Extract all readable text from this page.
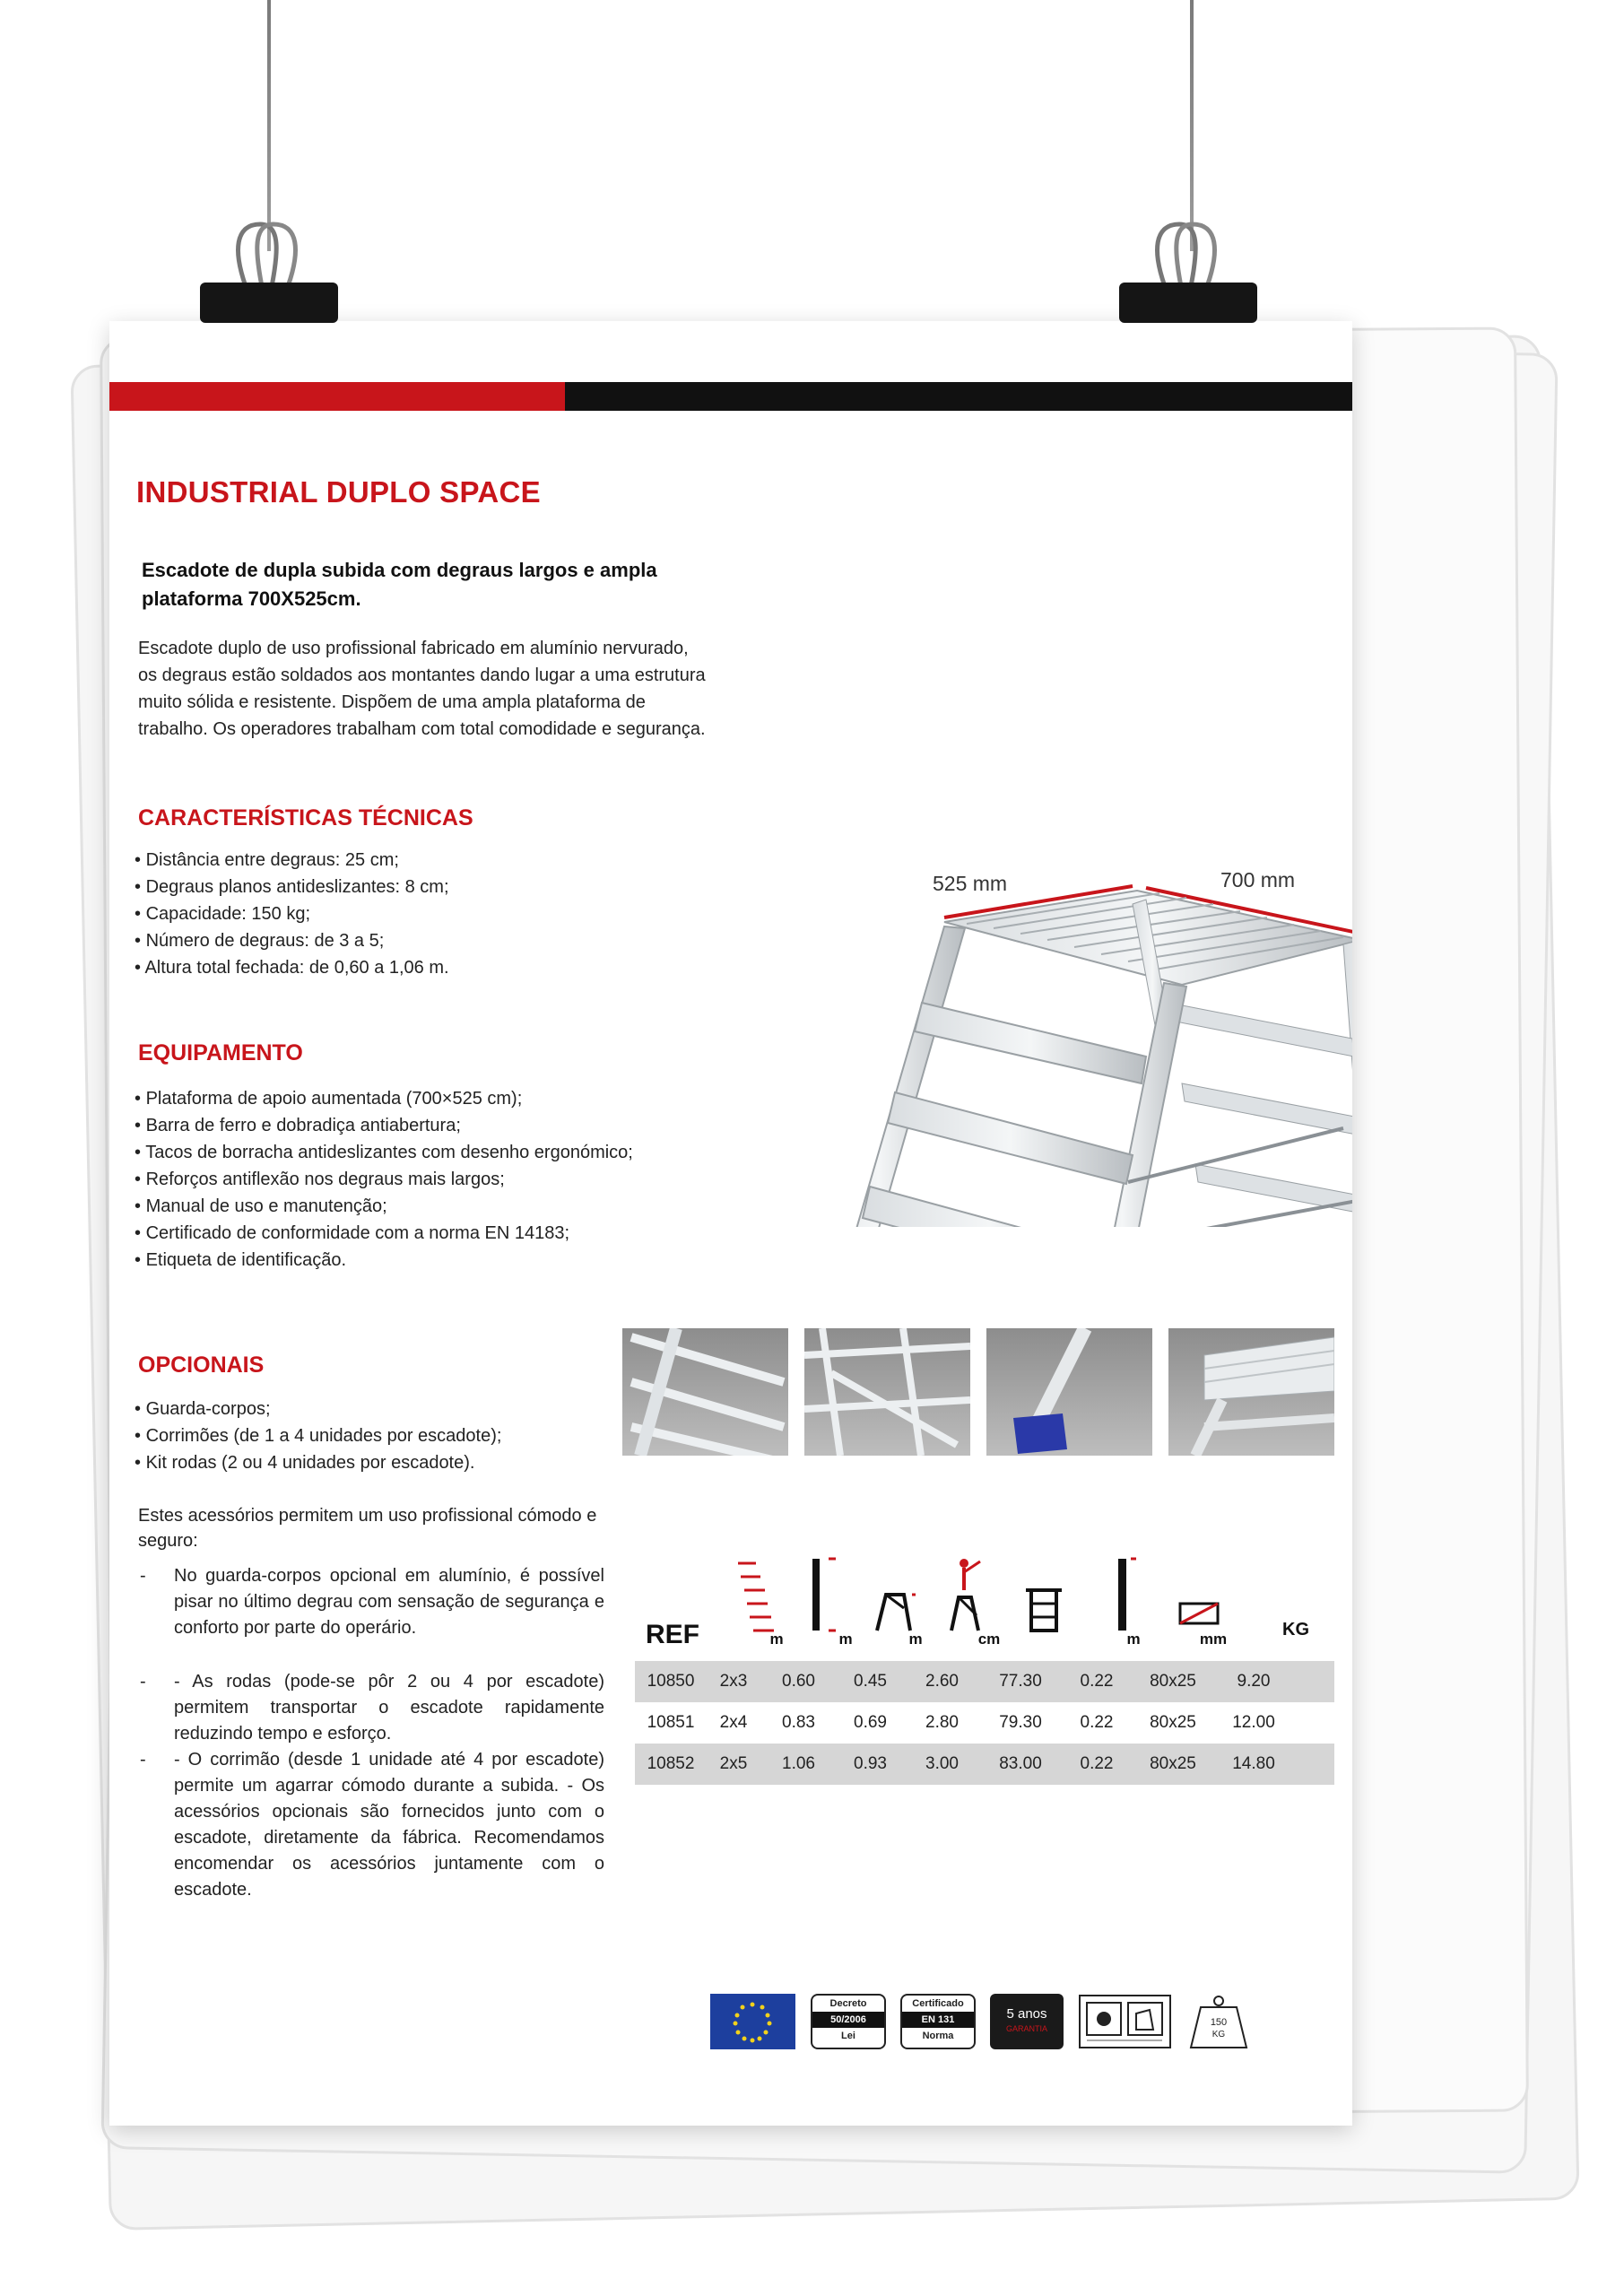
INDUSTRIAL DUPLO SPACE

Escadote de dupla subida com degraus largos e ampla plataforma 700X525cm.

Escadote duplo de uso profissional fabricado em alumínio nervurado, os degraus estão soldados aos montantes dando lugar a uma estrutura muito sólida e resistente. Dispõem de uma ampla plataforma de trabalho. Os operadores trabalham com total comodidade e segurança.

CARACTERÍSTICAS TÉCNICAS
• Distância entre degraus: 25 cm;
• Degraus planos antideslizantes: 8 cm;
• Capacidade: 150 kg;
• Número de degraus: de 3 a 5;
• Altura total fechada: de 0,60 a 1,06 m.
EQUIPAMENTO
• Plataforma de apoio aumentada (700×525 cm);
• Barra de ferro e dobradiça antiabertura;
• Tacos de borracha antideslizantes com desenho ergonómico;
• Reforços antiflexão nos degraus mais largos;
• Manual de uso e manutenção;
• Certificado de conformidade com a norma EN 14183;
• Etiqueta de identificação.
OPCIONAIS
• Guarda-corpos;
• Corrimões (de 1 a 4 unidades por escadote);
• Kit rodas (2 ou 4 unidades por escadote).

Estes acessórios permitem um uso profissional cómodo e seguro:

- No guarda-corpos opcional em alumínio, é possível pisar no último degrau com sensação de segurança e conforto por parte do operário.
- - As rodas (pode-se pôr 2 ou 4 por escadote) permitem transportar o escadote rapidamente reduzindo tempo e esforço.
- - O corrimão (desde 1 unidade até 4 por escadote) permite um agarrar cómodo durante a subida. - Os acessórios opcionais são fornecidos junto com o escadote, diretamente da fábrica. Recomendamos encomendar os acessórios juntamente com o escadote.
525 mm	700 mm
REF	m	m	m	cm	m	mm	KG
10850	2x3	0.60	0.45	2.60	77.30	0.22	80x25	9.20
10851	2x4	0.83	0.69	2.80	79.30	0.22	80x25	12.00
10852	2x5	1.06	0.93	3.00	83.00	0.22	80x25	14.80
Decreto
50/2006
Lei
Certificado
EN 131
Norma
5 anos
GARANTIA
150
KG
